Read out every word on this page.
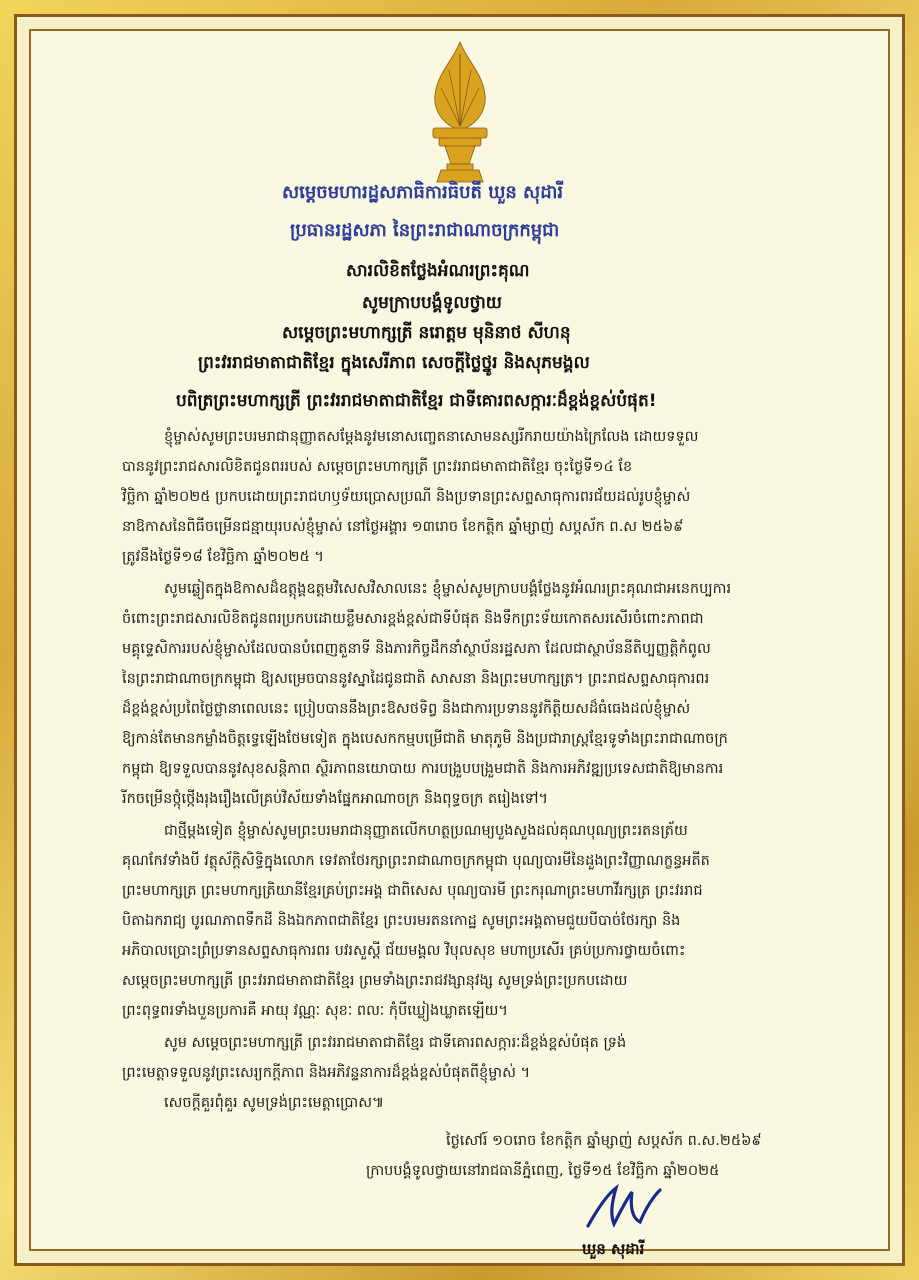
សម្ដេចមហារដ្ឋសភាធិការធិបតី ឃួន សុដារី
ប្រធានរដ្ឋសភា នៃព្រះរាជាណាចក្រកម្ពុជា
សារលិខិតថ្លែងអំណរព្រះគុណ
សូមក្រាបបង្គំទូលថ្វាយ
សម្ដេចព្រះមហាក្សត្រី នរោត្តម មុនិនាថ សីហនុ
ព្រះវររាជមាតាជាតិខ្មែរ ក្នុងសេរីភាព សេចក្ដីថ្លៃថ្នូរ និងសុភមង្គល
បពិត្រព្រះមហាក្សត្រី ព្រះវររាជមាតាជាតិខ្មែរ ជាទីគោរពសក្ការៈដ៏ខ្ពង់ខ្ពស់បំផុត!
ខ្ញុំម្ចាស់សូមព្រះបរមរាជានុញ្ញាតសម្ដែងនូវមនោសញ្ចេតនាសោមនស្សរីករាយយ៉ាងក្រៃលែង ដោយទទួល
បាននូវព្រះរាជសារលិខិតជូនពររបស់ សម្ដេចព្រះមហាក្សត្រី ព្រះវររាជមាតាជាតិខ្មែរ ចុះថ្ងៃទី១៤ ខែ
វិច្ឆិកា ឆ្នាំ២០២៥ ប្រកបដោយព្រះរាជហឫទ័យប្រោសប្រណី និងប្រទានព្រះសព្ទសាធុការពរជ័យដល់រូបខ្ញុំម្ចាស់
នាឱកាសនៃពិធីចម្រើនជន្មាយុរបស់ខ្ញុំម្ចាស់ នៅថ្ងៃអង្គារ ១៣រោច ខែកត្តិក ឆ្នាំម្សាញ់ សប្តស័ក ព.ស ២៥៦៩
ត្រូវនឹងថ្ងៃទី១៨ ខែវិច្ឆិកា ឆ្នាំ២០២៥ ។
សូមឆ្លៀតក្នុងឱកាសដ៏ឧត្ដុង្គឧត្ដមវិសេសវិសាលនេះ ខ្ញុំម្ចាស់សូមក្រាបបង្គំថ្លែងនូវអំណរព្រះគុណជាអនេកប្បការ
ចំពោះព្រះរាជសារលិខិតជូនពរប្រកបដោយខ្លឹមសារខ្ពង់ខ្ពស់ជាទីបំផុត និងទឹកព្រះទ័យកោតសរសើរចំពោះភាពជា
មគ្គុទ្ទេសិការរបស់ខ្ញុំម្ចាស់ដែលបានបំពេញតួនាទី និងភារកិច្ចដឹកនាំស្ថាប័នរដ្ឋសភា ដែលជាស្ថាប័ននីតិប្បញ្ញត្តិកំពូល
នៃព្រះរាជាណាចក្រកម្ពុជា ឱ្យសម្រេចបាននូវស្នាដៃជូនជាតិ សាសនា និងព្រះមហាក្សត្រ។ ព្រះរាជសព្ទសាធុការពរ
ដ៏ខ្ពង់ខ្ពស់ប្រពៃថ្លៃថ្លានាពេលនេះ ប្រៀបបាននឹងព្រះឱសថទិព្វ និងជាការប្រទាននូវកិត្តិយសដ៏ធំធេងដល់ខ្ញុំម្ចាស់
ឱ្យកាន់តែមានកម្លាំងចិត្តទ្វេឡើងថែមទៀត ក្នុងបេសកកម្មបម្រើជាតិ មាតុភូមិ និងប្រជារាស្ត្រខ្មែរទូទាំងព្រះរាជាណាចក្រ
កម្ពុជា ឱ្យទទួលបាននូវសុខសន្តិភាព ស្ថិរភាពនយោបាយ ការបង្រួបបង្រួមជាតិ និងការអភិវឌ្ឍប្រទេសជាតិឱ្យមានការ
រីកចម្រើនថ្កុំថ្កើងរុងរឿងលើគ្រប់វិស័យទាំងផ្នែកអាណាចក្រ និងពុទ្ធចក្រ តរៀងទៅ។
ជាថ្មីម្ដងទៀត ខ្ញុំម្ចាស់សូមព្រះបរមរាជានុញ្ញាតលើកហត្ថប្រណម្យបួងសួងដល់គុណបុណ្យព្រះរតនត្រ័យ
គុណកែវទាំងបី វត្ថុស័ក្តិសិទ្ធិក្នុងលោក ទេវតាថែរក្សាព្រះរាជាណាចក្រកម្ពុជា បុណ្យបារមីនៃដួងព្រះវិញ្ញាណក្ខន្ធអតីត
ព្រះមហាក្សត្រ ព្រះមហាក្សត្រិយានីខ្មែរគ្រប់ព្រះអង្គ ជាពិសេស បុណ្យបារមី ព្រះករុណាព្រះមហាវីរក្សត្រ ព្រះវររាជ
បិតាឯករាជ្យ បូរណភាពទឹកដី និងឯកភាពជាតិខ្មែរ ព្រះបរមរតនកោដ្ឋ សូមព្រះអង្គតាមជួយបីបាច់ថែរក្សា និង
អភិបាលប្រោះព្រំប្រទានសព្ទសាធុការពរ បវរសួស្ដី ជ័យមង្គល វិបុលសុខ មហាប្រសើរ គ្រប់ប្រការថ្វាយចំពោះ
សម្ដេចព្រះមហាក្សត្រី ព្រះវររាជមាតាជាតិខ្មែរ ព្រមទាំងព្រះរាជវង្សានុវង្ស សូមទ្រង់ព្រះប្រកបដោយ
ព្រះពុទ្ធពរទាំងបួនប្រការគឺ អាយុ វណ្ណៈ សុខៈ ពលៈ កុំបីឃ្លៀងឃ្លាតឡើយ។
សូម សម្ដេចព្រះមហាក្សត្រី ព្រះវររាជមាតាជាតិខ្មែរ ជាទីគោរពសក្ការៈដ៏ខ្ពង់ខ្ពស់បំផុត ទ្រង់
ព្រះមេត្តាទទួលនូវព្រះសេរ្យកក្ដីភាព និងអភិវន្ទនាការដ៏ខ្ពង់ខ្ពស់បំផុតពីខ្ញុំម្ចាស់ ។
សេចក្ដីគួរពុំគួរ សូមទ្រង់ព្រះមេត្តាប្រោស៕
ថ្ងៃសៅរ៍ ១០រោច ខែកត្តិក ឆ្នាំម្សាញ់ សប្តស័ក ព.ស.២៥៦៩
ក្រាបបង្គំទូលថ្វាយនៅរាជធានីភ្នំពេញ, ថ្ងៃទី១៥ ខែវិច្ឆិកា ឆ្នាំ២០២៥
ឃួន សុដារី
